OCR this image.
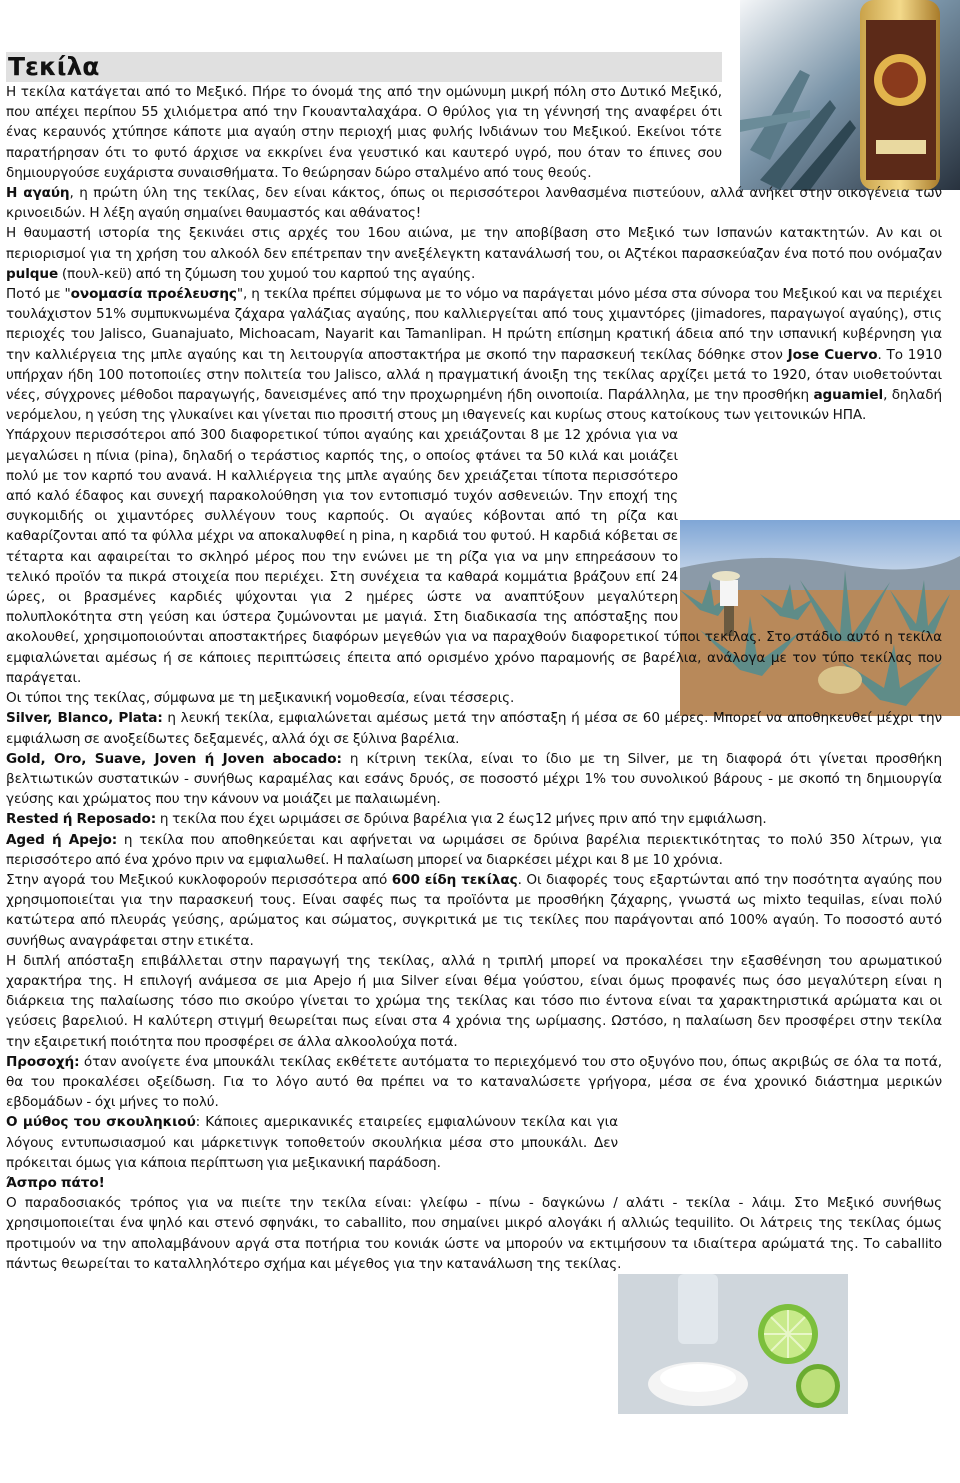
Τεκίλα

Η τεκίλα κατάγεται από το Μεξικό. Πήρε το όνομά της από την ομώνυμη μικρή πόλη στο Δυτικό Μεξικό, που απέχει περίπου 55 χιλιόμετρα από την Γκουανταλαχάρα. Ο θρύλος για τη γέννησή της αναφέρει ότι ένας κεραυνός χτύπησε κάποτε μια αγαύη στην περιοχή μιας φυλής Ινδιάνων του Μεξικού. Εκείνοι τότε παρατήρησαν ότι το φυτό άρχισε να εκκρίνει ένα γευστικό και καυτερό υγρό, που όταν το έπινες σου δημιουργούσε ευχάριστα συναισθήματα. Το θεώρησαν δώρο σταλμένο από τους θεούς.

Η αγαύη, η πρώτη ύλη της τεκίλας, δεν είναι κάκτος, όπως οι περισσότεροι λανθασμένα πιστεύουν, αλλά ανήκει στην οικογένεια των κρινοειδών. Η λέξη αγαύη σημαίνει θαυμαστός και αθάνατος!

Η θαυμαστή ιστορία της ξεκινάει στις αρχές του 16ου αιώνα, με την αποβίβαση στο Μεξικό των Ισπανών κατακτητών. Αν και οι περιορισμοί για τη χρήση του αλκοόλ δεν επέτρεπαν την ανεξέλεγκτη κατανάλωσή του, οι Αζτέκοι παρασκεύαζαν ένα ποτό που ονόμαζαν pulque (πουλ-κεϋ) από τη ζύμωση του χυμού του καρπού της αγαύης.

Ποτό με "ονομασία προέλευσης", η τεκίλα πρέπει σύμφωνα με το νόμο να παράγεται μόνο μέσα στα σύνορα του Μεξικού και να περιέχει τουλάχιστον 51% συμπυκνωμένα ζάχαρα γαλάζιας αγαύης, που καλλιεργείται από τους χιμαντόρες (jimadores, παραγωγοί αγαύης), στις περιοχές του Jalisco, Guanajuato, Michoacam, Nayarit και Tamanlipan. Η πρώτη επίσημη κρατική άδεια από την ισπανική κυβέρνηση για την καλλιέργεια της μπλε αγαύης και τη λειτουργία αποστακτήρα με σκοπό την παρασκευή τεκίλας δόθηκε στον Jose Cuervo. Το 1910 υπήρχαν ήδη 100 ποτοποιίες στην πολιτεία του Jalisco, αλλά η πραγματική άνοιξη της τεκίλας αρχίζει μετά το 1920, όταν υιοθετούνται νέες, σύγχρονες μέθοδοι παραγωγής, δανεισμένες από την προχωρημένη ήδη οινοποιία. Παράλληλα, με την προσθήκη aguamiel, δηλαδή νερόμελου, η γεύση της γλυκαίνει και γίνεται πιο προσιτή στους μη ιθαγενείς και κυρίως στους κατοίκους των γειτονικών ΗΠΑ.

Υπάρχουν περισσότεροι από 300 διαφορετικοί τύποι αγαύης και χρειάζονται 8 με 12 χρόνια για να μεγαλώσει η πίνια (pina), δηλαδή ο τεράστιος καρπός της, ο οποίος φτάνει τα 50 κιλά και μοιάζει πολύ με τον καρπό του ανανά. Η καλλιέργεια της μπλε αγαύης δεν χρειάζεται τίποτα περισσότερο από καλό έδαφος και συνεχή παρακολούθηση για τον εντοπισμό τυχόν ασθενειών. Την εποχή της συγκομιδής οι χιμαντόρες συλλέγουν τους καρπούς. Οι αγαύες κόβονται από τη ρίζα και καθαρίζονται από τα φύλλα μέχρι να αποκαλυφθεί η pina, η καρδιά του φυτού. Η καρδιά κόβεται σε τέταρτα και αφαιρείται το σκληρό μέρος που την ενώνει με τη ρίζα για να μην επηρεάσουν το τελικό προϊόν τα πικρά στοιχεία που περιέχει. Στη συνέχεια τα καθαρά κομμάτια βράζουν επί 24 ώρες, οι βρασμένες καρδιές ψύχονται για 2 ημέρες ώστε να αναπτύξουν μεγαλύτερη πολυπλοκότητα στη γεύση και ύστερα ζυμώνονται με μαγιά. Στη διαδικασία της απόσταξης που ακολουθεί, χρησιμοποιούνται αποστακτήρες διαφόρων μεγεθών για να παραχθούν διαφορετικοί τύποι τεκίλας. Στο στάδιο αυτό η τεκίλα εμφιαλώνεται αμέσως ή σε κάποιες περιπτώσεις έπειτα από ορισμένο χρόνο παραμονής σε βαρέλια, ανάλογα με τον τύπο τεκίλας που παράγεται.

Οι τύποι της τεκίλας, σύμφωνα με τη μεξικανική νομοθεσία, είναι τέσσερις.

Silver, Blanco, Plata: η λευκή τεκίλα, εμφιαλώνεται αμέσως μετά την απόσταξη ή μέσα σε 60 μέρες. Μπορεί να αποθηκευθεί μέχρι την εμφιάλωση σε ανοξείδωτες δεξαμενές, αλλά όχι σε ξύλινα βαρέλια.

Gold, Oro, Suave, Joven ή Joven abocado: η κίτρινη τεκίλα, είναι το ίδιο με τη Silver, με τη διαφορά ότι γίνεται προσθήκη βελτιωτικών συστατικών - συνήθως καραμέλας και εσάνς δρυός, σε ποσοστό μέχρι 1% του συνολικού βάρους - με σκοπό τη δημιουργία γεύσης και χρώματος που την κάνουν να μοιάζει με παλαιωμένη.

Rested ή Reposado: η τεκίλα που έχει ωριμάσει σε δρύινα βαρέλια για 2 έως12 μήνες πριν από την εμφιάλωση.

Aged ή Apejo: η τεκίλα που αποθηκεύεται και αφήνεται να ωριμάσει σε δρύινα βαρέλια περιεκτικότητας το πολύ 350 λίτρων, για περισσότερο από ένα χρόνο πριν να εμφιαλωθεί. Η παλαίωση μπορεί να διαρκέσει μέχρι και 8 με 10 χρόνια.

Στην αγορά του Μεξικού κυκλοφορούν περισσότερα από 600 είδη τεκίλας. Οι διαφορές τους εξαρτώνται από την ποσότητα αγαύης που χρησιμοποιείται για την παρασκευή τους. Είναι σαφές πως τα προϊόντα με προσθήκη ζάχαρης, γνωστά ως mixto tequilas, είναι πολύ κατώτερα από πλευράς γεύσης, αρώματος και σώματος, συγκριτικά με τις τεκίλες που παράγονται από 100% αγαύη. Το ποσοστό αυτό συνήθως αναγράφεται στην ετικέτα.

Η διπλή απόσταξη επιβάλλεται στην παραγωγή της τεκίλας, αλλά η τριπλή μπορεί να προκαλέσει την εξασθένηση του αρωματικού χαρακτήρα της. Η επιλογή ανάμεσα σε μια Apejo ή μια Silver είναι θέμα γούστου, είναι όμως προφανές πως όσο μεγαλύτερη είναι η διάρκεια της παλαίωσης τόσο πιο σκούρο γίνεται το χρώμα της τεκίλας και τόσο πιο έντονα είναι τα χαρακτηριστικά αρώματα και οι γεύσεις βαρελιού. Η καλύτερη στιγμή θεωρείται πως είναι στα 4 χρόνια της ωρίμασης. Ωστόσο, η παλαίωση δεν προσφέρει στην τεκίλα την εξαιρετική ποιότητα που προσφέρει σε άλλα αλκοολούχα ποτά.

Προσοχή: όταν ανοίγετε ένα μπουκάλι τεκίλας εκθέτετε αυτόματα το περιεχόμενό του στο οξυγόνο που, όπως ακριβώς σε όλα τα ποτά, θα του προκαλέσει οξείδωση. Για το λόγο αυτό θα πρέπει να το καταναλώσετε γρήγορα, μέσα σε ένα χρονικό διάστημα μερικών εβδομάδων - όχι μήνες το πολύ.

Ο μύθος του σκουληκιού: Κάποιες αμερικανικές εταιρείες εμφιαλώνουν τεκίλα και για λόγους εντυπωσιασμού και μάρκετινγκ τοποθετούν σκουλήκια μέσα στο μπουκάλι. Δεν πρόκειται όμως για κάποια περίπτωση για μεξικανική παράδοση.

Άσπρο πάτο!

Ο παραδοσιακός τρόπος για να πιείτε την τεκίλα είναι: γλείφω - πίνω - δαγκώνω / αλάτι - τεκίλα - λάιμ. Στο Μεξικό συνήθως χρησιμοποιείται ένα ψηλό και στενό σφηνάκι, το caballito, που σημαίνει μικρό αλογάκι ή αλλιώς tequilito. Οι λάτρεις της τεκίλας όμως προτιμούν να την απολαμβάνουν αργά στα ποτήρια του κονιάκ ώστε να μπορούν να εκτιμήσουν τα ιδιαίτερα αρώματά της. Το caballito πάντως θεωρείται το καταλληλότερο σχήμα και μέγεθος για την κατανάλωση της τεκίλας.
